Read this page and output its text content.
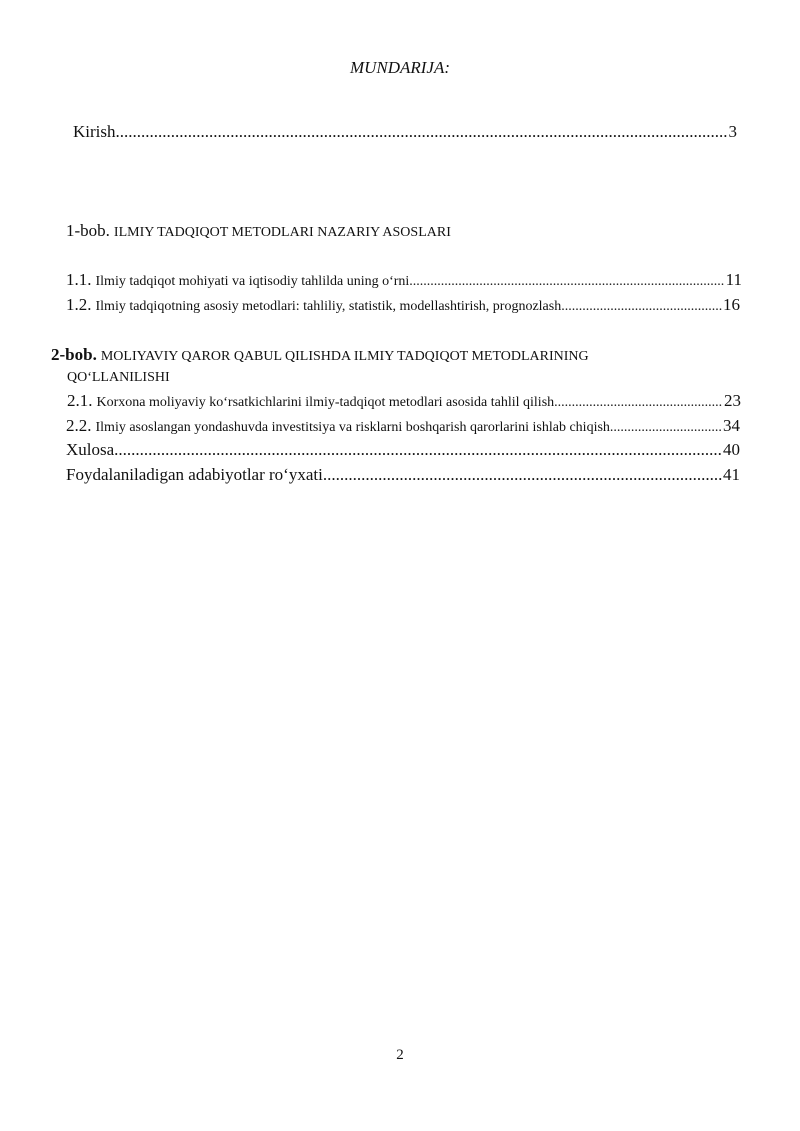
MUNDARIJA:
Kirish .....	3
1-bob. ILMIY TADQIQOT METODLARI NAZARIY ASOSLARI
1.1. Ilmiy tadqiqot mohiyati va iqtisodiy tahlilda uning o‘rni .....	11
1.2. Ilmiy tadqiqotning asosiy metodlari: tahliliy, statistik, modellashtirish, prognozlash .....	16
2-bob. MOLIYAVIY QAROR QABUL QILISHDA ILMIY TADQIQOT METODLARINING
QO‘LLANILISHI
2.1. Korxona moliyaviy ko‘rsatkichlarini ilmiy-tadqiqot metodlari asosida tahlil qilish .....	23
2.2. Ilmiy asoslangan yondashuvda investitsiya va risklarni boshqarish qarorlarini ishlab chiqish .....	34
Xulosa .....	40
Foydalaniladigan adabiyotlar ro‘yxati .....	41
2
